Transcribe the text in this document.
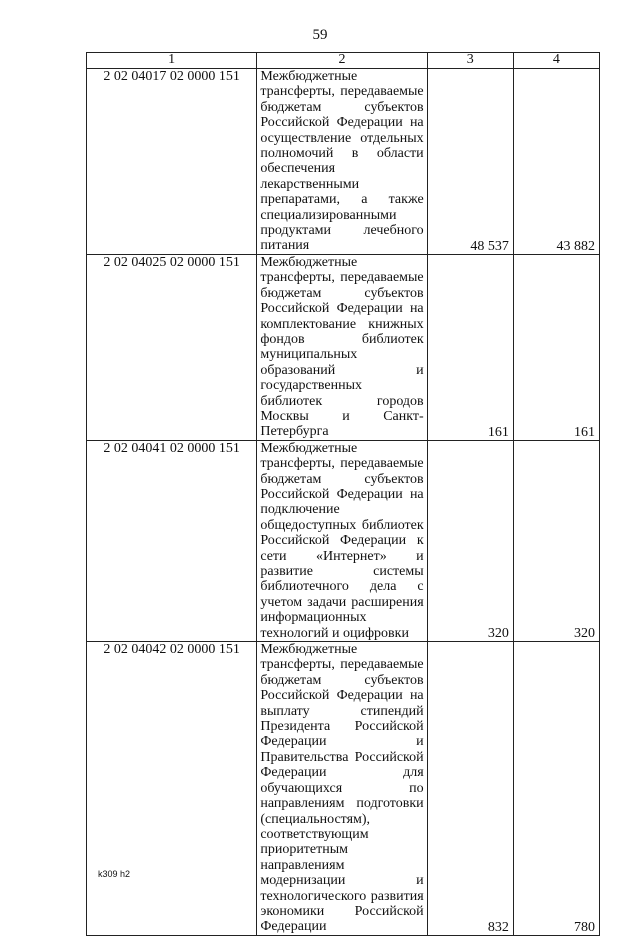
59
1	2	3	4
2 02 04017 02 0000 151	Межбюджетные трансферты, передаваемые бюджетам субъектов Российской Федерации на осуществление отдельных полномочий в области обеспечения лекарственными препаратами, а также специализированными продуктами лечебного питания	48 537	43 882
2 02 04025 02 0000 151	Межбюджетные трансферты, передаваемые бюджетам субъектов Российской Федерации на комплектование книжных фондов библиотек муниципальных образований и государственных библиотек городов Москвы и Санкт-Петербурга	161	161
2 02 04041 02 0000 151	Межбюджетные трансферты, передаваемые бюджетам субъектов Российской Федерации на подключение общедоступных библиотек Российской Федерации к сети «Интернет» и развитие системы библиотечного дела с учетом задачи расширения информационных технологий и оцифровки	320	320
2 02 04042 02 0000 151	Межбюджетные трансферты, передаваемые бюджетам субъектов Российской Федерации на выплату стипендий Президента Российской Федерации и Правительства Российской Федерации для обучающихся по направлениям подготовки (специальностям), соответствующим приоритетным направлениям модернизации и технологического развития экономики Российской Федерации	832	780
k309 h2
